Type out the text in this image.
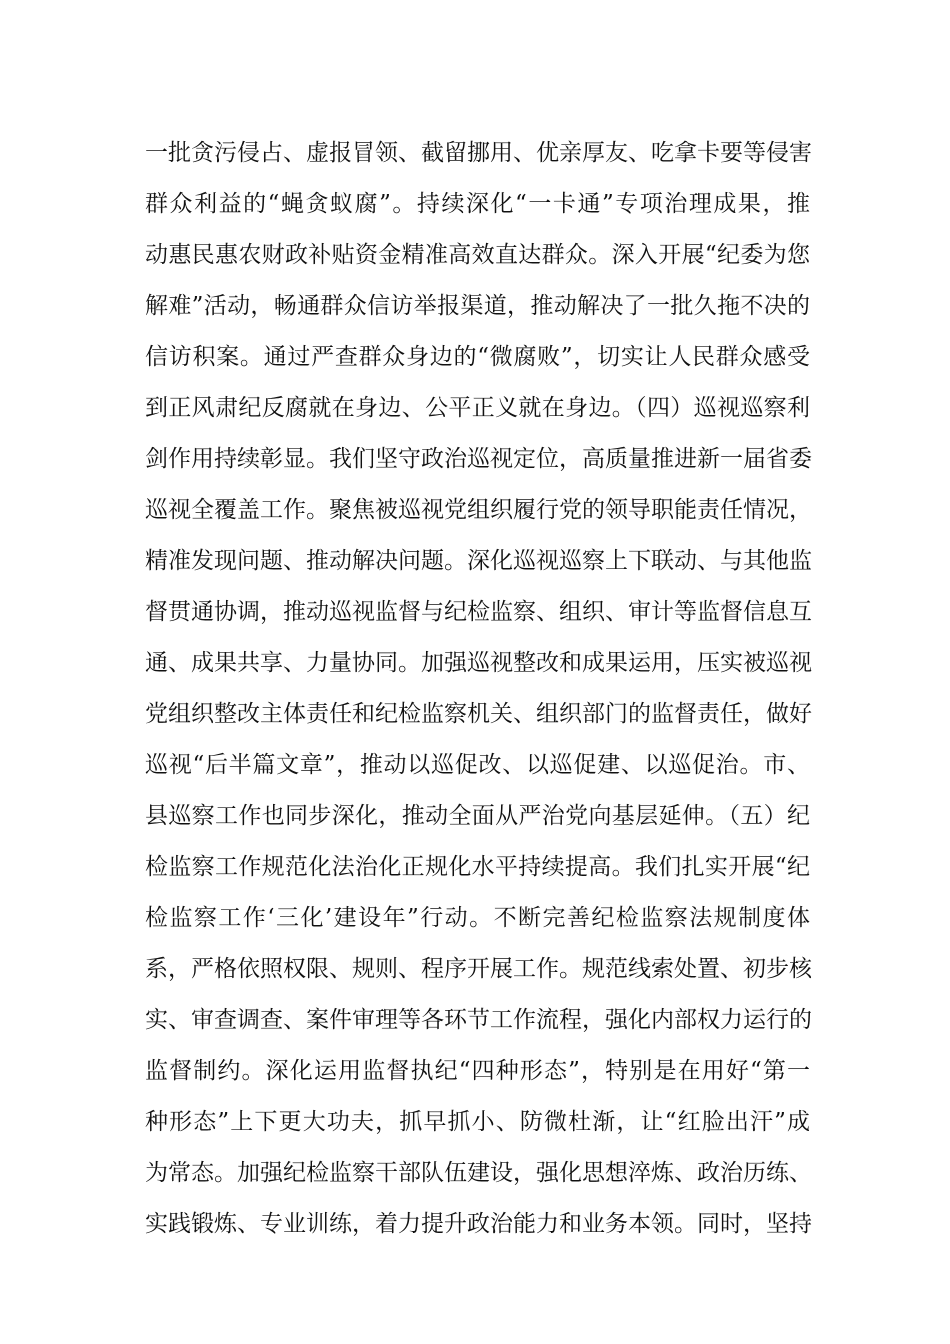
一批贪污侵占、虚报冒领、截留挪用、优亲厚友、吃拿卡要等侵害
群众利益的“蝇贪蚁腐”。持续深化“一卡通”专项治理成果，推
动惠民惠农财政补贴资金精准高效直达群众。深入开展“纪委为您
解难”活动，畅通群众信访举报渠道，推动解决了一批久拖不决的
信访积案。通过严查群众身边的“微腐败”，切实让人民群众感受
到正风肃纪反腐就在身边、公平正义就在身边。（四）巡视巡察利
剑作用持续彰显。我们坚守政治巡视定位，高质量推进新一届省委
巡视全覆盖工作。聚焦被巡视党组织履行党的领导职能责任情况，
精准发现问题、推动解决问题。深化巡视巡察上下联动、与其他监
督贯通协调，推动巡视监督与纪检监察、组织、审计等监督信息互
通、成果共享、力量协同。加强巡视整改和成果运用，压实被巡视
党组织整改主体责任和纪检监察机关、组织部门的监督责任，做好
巡视“后半篇文章”，推动以巡促改、以巡促建、以巡促治。市、
县巡察工作也同步深化，推动全面从严治党向基层延伸。（五）纪
检监察工作规范化法治化正规化水平持续提高。我们扎实开展“纪
检监察工作‘三化’建设年”行动。不断完善纪检监察法规制度体
系，严格依照权限、规则、程序开展工作。规范线索处置、初步核
实、审查调查、案件审理等各环节工作流程，强化内部权力运行的
监督制约。深化运用监督执纪“四种形态”，特别是在用好“第一
种形态”上下更大功夫，抓早抓小、防微杜渐，让“红脸出汗”成
为常态。加强纪检监察干部队伍建设，强化思想淬炼、政治历练、
实践锻炼、专业训练，着力提升政治能力和业务本领。同时，坚持
